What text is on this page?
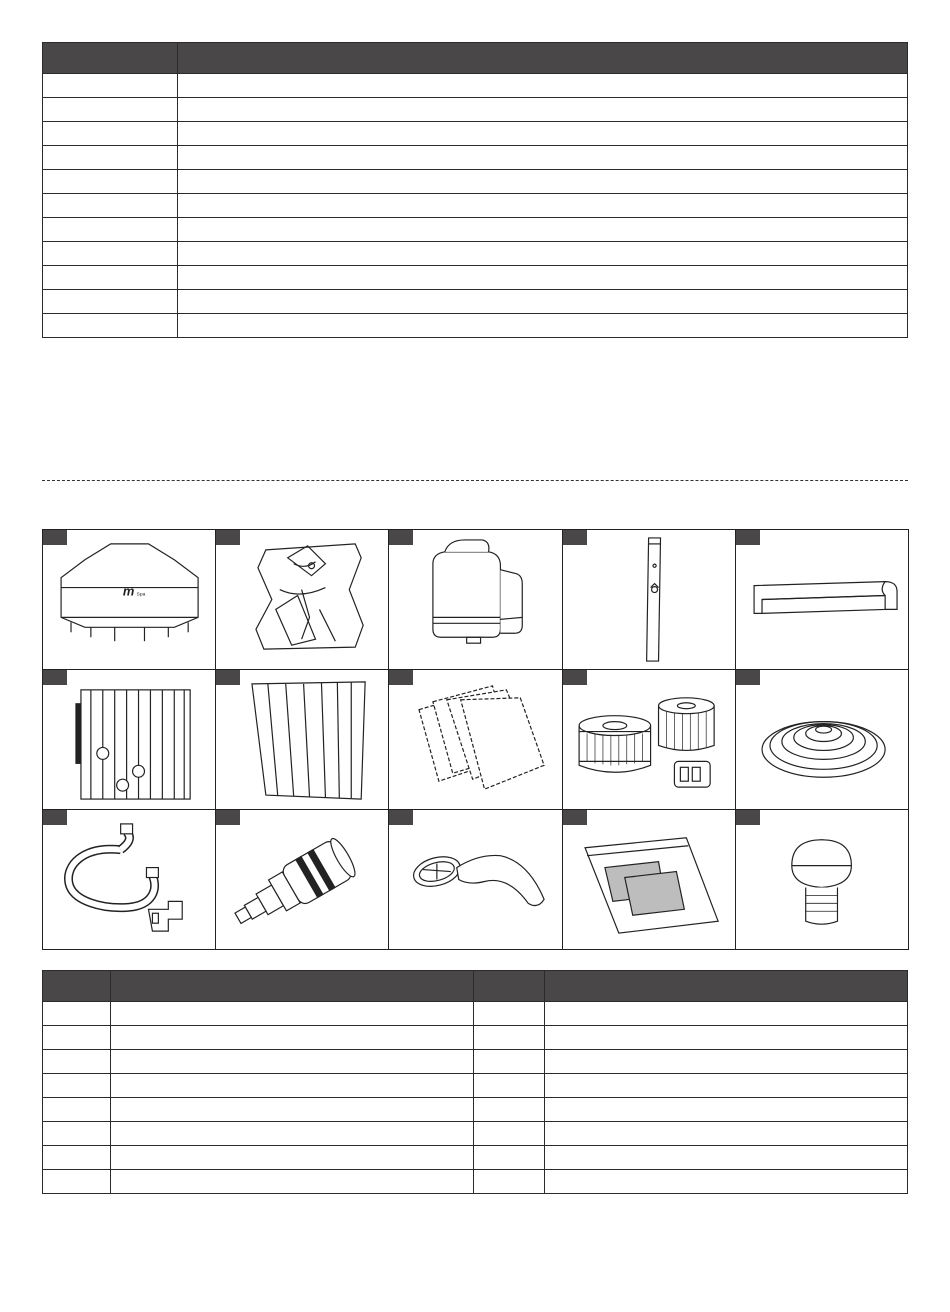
m Spa
